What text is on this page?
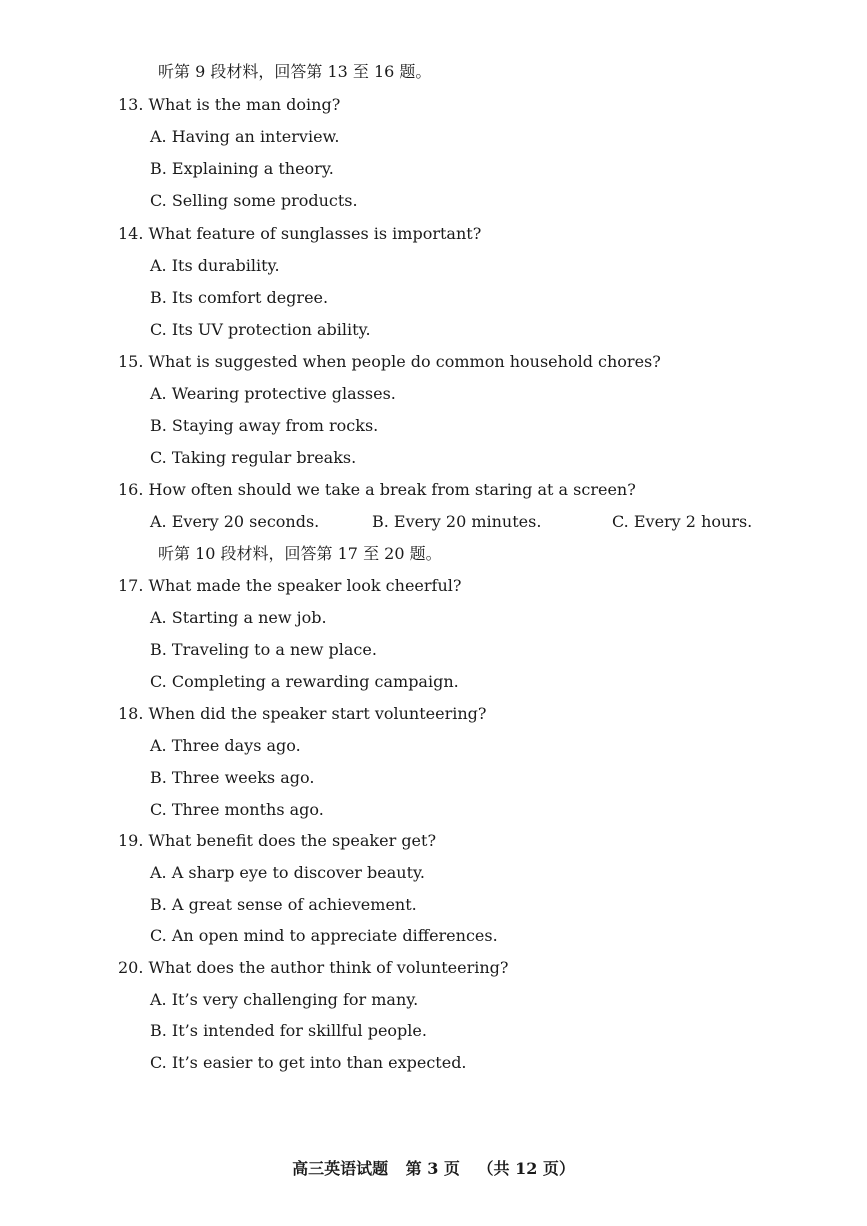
听第 9 段材料，回答第 13 至 16 题。
13. What is the man doing?
A. Having an interview.
B. Explaining a theory.
C. Selling some products.
14. What feature of sunglasses is important?
A. Its durability.
B. Its comfort degree.
C. Its UV protection ability.
15. What is suggested when people do common household chores?
A. Wearing protective glasses.
B. Staying away from rocks.
C. Taking regular breaks.
16. How often should we take a break from staring at a screen?
A. Every 20 seconds.	B. Every 20 minutes.	C. Every 2 hours.
听第 10 段材料，回答第 17 至 20 题。
17. What made the speaker look cheerful?
A. Starting a new job.
B. Traveling to a new place.
C. Completing a rewarding campaign.
18. When did the speaker start volunteering?
A. Three days ago.
B. Three weeks ago.
C. Three months ago.
19. What benefit does the speaker get?
A. A sharp eye to discover beauty.
B. A great sense of achievement.
C. An open mind to appreciate differences.
20. What does the author think of volunteering?
A. It’s very challenging for many.
B. It’s intended for skillful people.
C. It’s easier to get into than expected.
高三英语试题 第 3 页 （共 12 页）
